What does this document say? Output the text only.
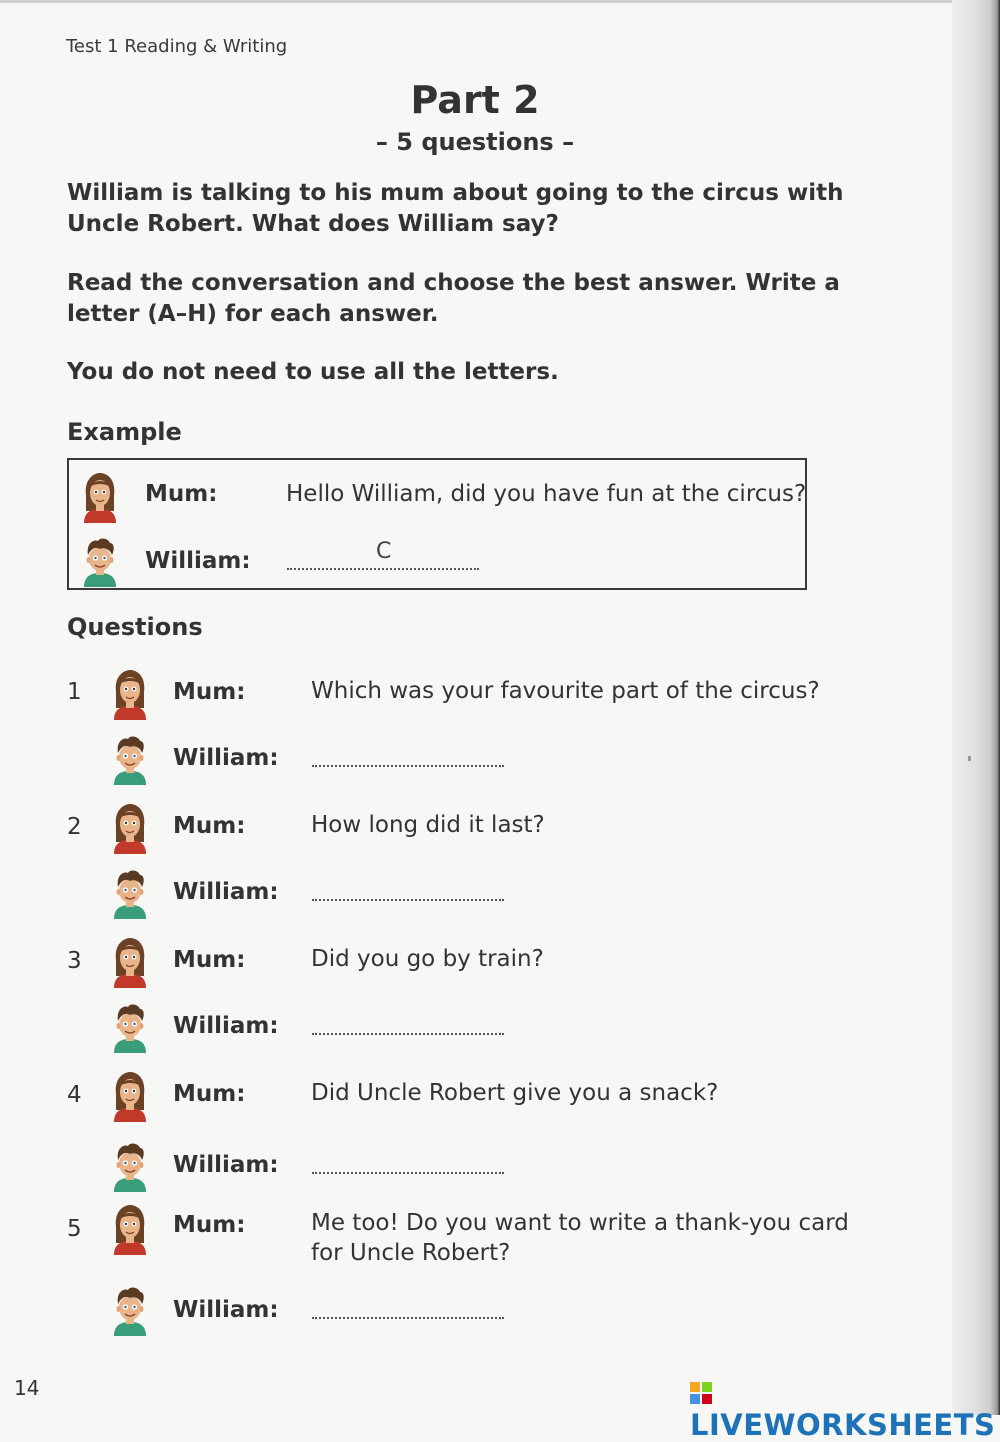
Test 1 Reading & Writing
Part 2
– 5 questions –
William is talking to his mum about going to the circus with Uncle Robert. What does William say?
Read the conversation and choose the best answer. Write a letter (A–H) for each answer.
You do not need to use all the letters.
Example
Mum:	Hello William, did you have fun at the circus?
William:	C
Questions
1	Mum:	Which was your favourite part of the circus?
William:
2	Mum:	How long did it last?
William:
3	Mum:	Did you go by train?
William:
4	Mum:	Did Uncle Robert give you a snack?
William:
5	Mum:	Me too! Do you want to write a thank-you card for Uncle Robert?
William:
14
LIVEWORKSHEETS
